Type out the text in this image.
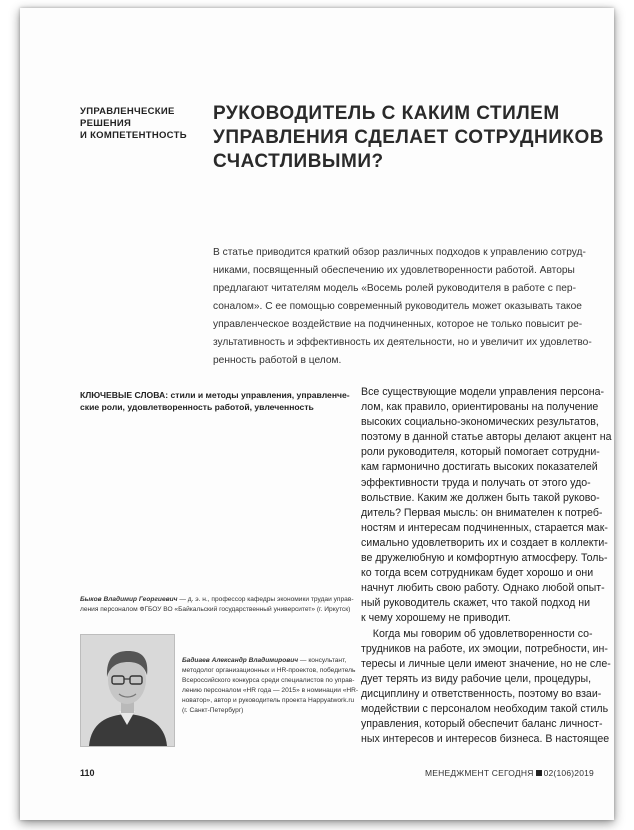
УПРАВЛЕНЧЕСКИЕ
РЕШЕНИЯ
И КОМПЕТЕНТНОСТЬ
РУКОВОДИТЕЛЬ С КАКИМ СТИЛЕМ
УПРАВЛЕНИЯ СДЕЛАЕТ СОТРУДНИКОВ
СЧАСТЛИВЫМИ?
В статье приводится краткий обзор различных подходов к управлению сотруд-
никами, посвященный обеспечению их удовлетворенности работой. Авторы
предлагают читателям модель «Восемь ролей руководителя в работе с пер-
соналом». С ее помощью современный руководитель может оказывать такое
управленческое воздействие на подчиненных, которое не только повысит ре-
зультативность и эффективность их деятельности, но и увеличит их удовлетво-
ренность работой в целом.
КЛЮЧЕВЫЕ СЛОВА: стили и методы управления, управленче-
ские роли, удовлетворенность работой, увлеченность
Все существующие модели управления персона-
лом, как правило, ориентированы на получение
высоких социально-экономических результатов,
поэтому в данной статье авторы делают акцент на
роли руководителя, который помогает сотрудни-
кам гармонично достигать высоких показателей
эффективности труда и получать от этого удо-
вольствие. Каким же должен быть такой руково-
дитель? Первая мысль: он внимателен к потреб-
ностям и интересам подчиненных, старается мак-
симально удовлетворить их и создает в коллекти-
ве дружелюбную и комфортную атмосферу. Толь-
ко тогда всем сотрудникам будет хорошо и они
начнут любить свою работу. Однако любой опыт-
ный руководитель скажет, что такой подход ни
к чему хорошему не приводит.
Когда мы говорим об удовлетворенности со-
трудников на работе, их эмоции, потребности, ин-
тересы и личные цели имеют значение, но не сле-
дует терять из виду рабочие цели, процедуры,
дисциплину и ответственность, поэтому во взаи-
модействии с персоналом необходим такой стиль
управления, который обеспечит баланс личност-
ных интересов и интересов бизнеса. В настоящее
Быков Владимир Георгиевич — д. э. н., профессор кафедры экономики трудаи управ-
ления персоналом ФГБОУ ВО «Байкальский государственный университет» (г. Иркутск)
Бадиаев Александр Владимирович — консультант,
методолог организационных и HR-проектов, победитель
Всероссийского конкурса среди специалистов по управ-
лению персоналом «HR года — 2015» в номинации «HR-
новатор», автор и руководитель проекта Happyatwork.ru
(г. Санкт-Петербург)
110	МЕНЕДЖМЕНТ СЕГОДНЯ 02(106)2019
